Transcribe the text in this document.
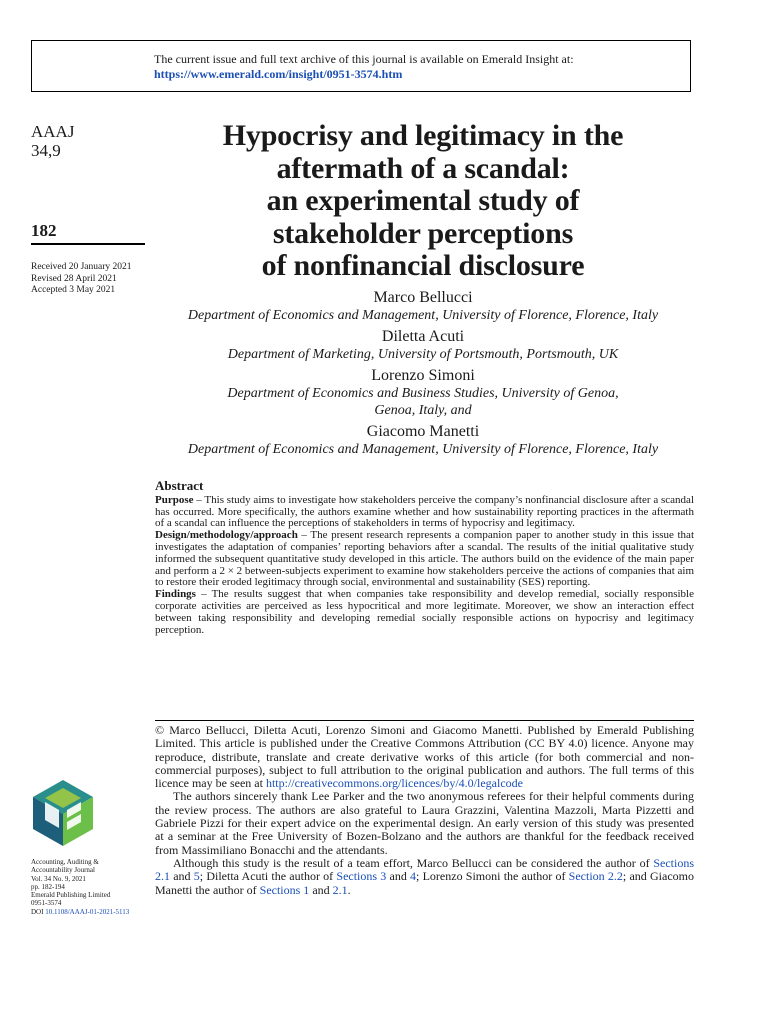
The current issue and full text archive of this journal is available on Emerald Insight at:
https://www.emerald.com/insight/0951-3574.htm
AAAJ
34,9
182
Received 20 January 2021
Revised 28 April 2021
Accepted 3 May 2021
Hypocrisy and legitimacy in the
aftermath of a scandal:
an experimental study of
stakeholder perceptions
of nonfinancial disclosure
Marco Bellucci
Department of Economics and Management, University of Florence, Florence, Italy
Diletta Acuti
Department of Marketing, University of Portsmouth, Portsmouth, UK
Lorenzo Simoni
Department of Economics and Business Studies, University of Genoa,
Genoa, Italy, and
Giacomo Manetti
Department of Economics and Management, University of Florence, Florence, Italy
Abstract

Purpose – This study aims to investigate how stakeholders perceive the company’s nonfinancial disclosure after a scandal has occurred. More specifically, the authors examine whether and how sustainability reporting practices in the aftermath of a scandal can influence the perceptions of stakeholders in terms of hypocrisy and legitimacy.

Design/methodology/approach – The present research represents a companion paper to another study in this issue that investigates the adaptation of companies’ reporting behaviors after a scandal. The results of the initial qualitative study informed the subsequent quantitative study developed in this article. The authors build on the evidence of the main paper and perform a 2 × 2 between-subjects experiment to examine how stakeholders perceive the actions of companies that aim to restore their eroded legitimacy through social, environmental and sustainability (SES) reporting.

Findings – The results suggest that when companies take responsibility and develop remedial, socially responsible corporate activities are perceived as less hypocritical and more legitimate. Moreover, we show an interaction effect between taking responsibility and developing remedial socially responsible actions on hypocrisy and legitimacy perception.

© Marco Bellucci, Diletta Acuti, Lorenzo Simoni and Giacomo Manetti. Published by Emerald Publishing Limited. This article is published under the Creative Commons Attribution (CC BY 4.0) licence. Anyone may reproduce, distribute, translate and create derivative works of this article (for both commercial and non-commercial purposes), subject to full attribution to the original publication and authors. The full terms of this licence may be seen at http://creativecommons.org/licences/by/4.0/legalcode

The authors sincerely thank Lee Parker and the two anonymous referees for their helpful comments during the review process. The authors are also grateful to Laura Grazzini, Valentina Mazzoli, Marta Pizzetti and Gabriele Pizzi for their expert advice on the experimental design. An early version of this study was presented at a seminar at the Free University of Bozen-Bolzano and the authors are thankful for the feedback received from Massimiliano Bonacchi and the attendants.

Although this study is the result of a team effort, Marco Bellucci can be considered the author of Sections 2.1 and 5; Diletta Acuti the author of Sections 3 and 4; Lorenzo Simoni the author of Section 2.2; and Giacomo Manetti the author of Sections 1 and 2.1.

Accounting, Auditing &
Accountability Journal
Vol. 34 No. 9, 2021
pp. 182-194
Emerald Publishing Limited
0951-3574
DOI 10.1108/AAAJ-01-2021-5113
